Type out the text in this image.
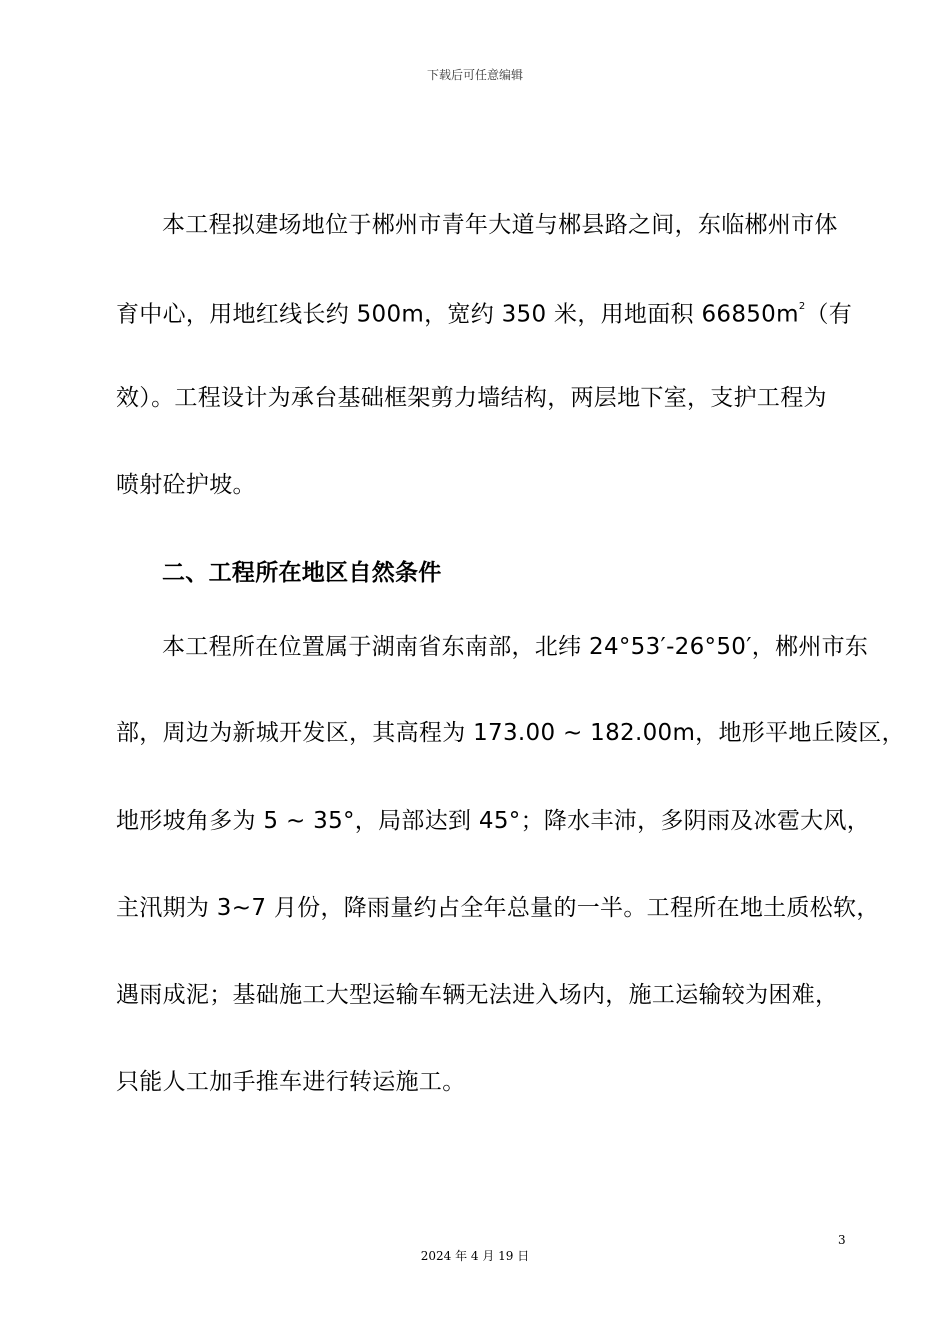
下载后可任意编辑
本工程拟建场地位于郴州市青年大道与郴县路之间，东临郴州市体
育中心，用地红线长约 500m，宽约 350 米，用地面积 $66850m^2$（有
效）。工程设计为承台基础框架剪力墙结构，两层地下室，支护工程为
喷射砼护坡。
二、工程所在地区自然条件
本工程所在位置属于湖南省东南部，北纬 24°53′-26°50′，郴州市东
部，周边为新城开发区，其高程为 173.00 ~ 182.00m，地形平地丘陵区，
地形坡角多为 5 ~ 35°，局部达到 45°；降水丰沛，多阴雨及冰雹大风，
主汛期为 3~7 月份，降雨量约占全年总量的一半。工程所在地土质松软，
遇雨成泥；基础施工大型运输车辆无法进入场内，施工运输较为困难，
只能人工加手推车进行转运施工。
3
2024 年 4 月 19 日
